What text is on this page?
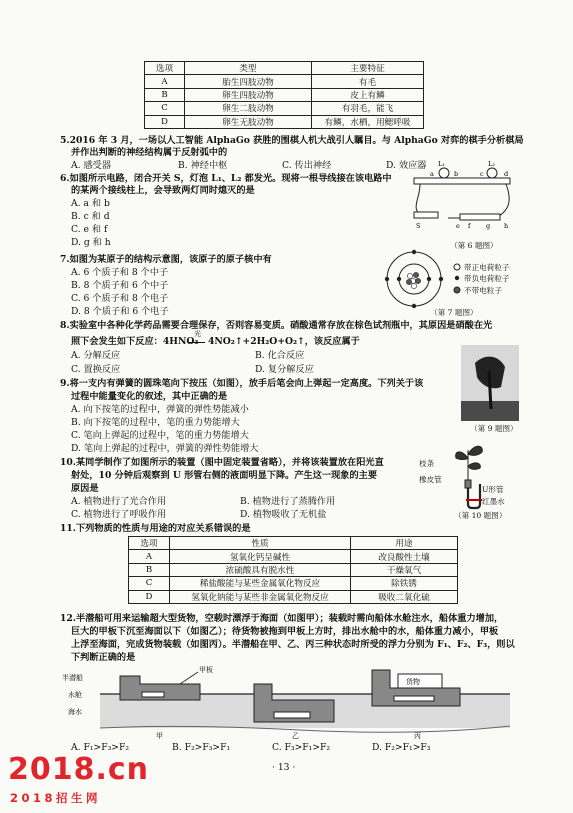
选项	类型	主要特征
A	胎生四肢动物	有毛
B	卵生四肢动物	皮上有鳞
C	卵生二肢动物	有羽毛，能飞
D	卵生无肢动物	有鳞，水栖，用鳃呼吸
5.2016 年 3 月，一场以人工智能 AlphaGo 获胜的围棋人机大战引人瞩目。与 AlphaGo 对弈的棋手分析棋局
并作出判断的神经结构属于反射弧中的
A. 感受器	B. 神经中枢	C. 传出神经	D. 效应器
6.如图所示电路，闭合开关 S，灯泡 L₁、L₂ 都发光。现将一根导线接在该电路中
的某两个接线柱上，会导致两灯同时熄灭的是
A. a 和 b
B. c 和 d
C. e 和 f
D. g 和 h
L₁	L₂
a	b	c	d
e f g h
S
（第 6 题图）
7.如图为某原子的结构示意图，该原子的原子核中有
A. 6 个质子和 8 个中子
B. 8 个质子和 6 个中子
C. 6 个质子和 8 个电子
D. 8 个质子和 6 个电子
带正电荷粒子
带负电荷粒子
不带电粒子
（第 7 题图）
8.实验室中各种化学药品需要合理保存，否则容易变质。硝酸通常存放在棕色试剂瓶中，其原因是硝酸在光
照下会发生如下反应：4HNO₃
光
4NO₂↑+2H₂O+O₂↑，该反应属于
A. 分解反应	B. 化合反应
C. 置换反应	D. 复分解反应
9.将一支内有弹簧的圆珠笔向下按压（如图），放手后笔会向上弹起一定高度。下列关于该
过程中能量变化的叙述，其中正确的是
A. 向下按笔的过程中，弹簧的弹性势能减小
B. 向下按笔的过程中，笔的重力势能增大
C. 笔向上弹起的过程中，笔的重力势能增大
D. 笔向上弹起的过程中，弹簧的弹性势能增大
（第 9 题图）
10.某同学制作了如图所示的装置（图中固定装置省略），并将该装置放在阳光直
射处，10 分钟后观察到 U 形管右侧的液面明显下降。产生这一现象的主要
原因是
A. 植物进行了光合作用	B. 植物进行了蒸腾作用
C. 植物进行了呼吸作用	D. 植物吸收了无机盐
枝条
橡皮管
U形管
红墨水
（第 10 题图）
11.下列物质的性质与用途的对应关系错误的是
选项	性质	用途
A	氢氧化钙呈碱性	改良酸性土壤
B	浓硫酸具有脱水性	干燥氧气
C	稀盐酸能与某些金属氧化物反应	除铁锈
D	氢氧化钠能与某些非金属氧化物反应	吸收二氧化硫
12.半潜船可用来运输超大型货物，空载时漂浮于海面（如图甲）；装载时需向船体水舱注水，船体重力增加，
巨大的甲板下沉至海面以下（如图乙）；待货物被拖到甲板上方时，排出水舱中的水，船体重力减小，甲板
上浮至海面，完成货物装载（如图丙）。半潜船在甲、乙、丙三种状态时所受的浮力分别为 F₁、F₂、F₃，则以
下判断正确的是
半潜船
甲板
水舱
海水
货物
甲	乙	丙
A. F₁>F₃>F₂	B. F₂>F₃>F₁	C. F₃>F₁>F₂	D. F₂>F₁>F₃
· 13 ·
2018.cn
2018招生网
